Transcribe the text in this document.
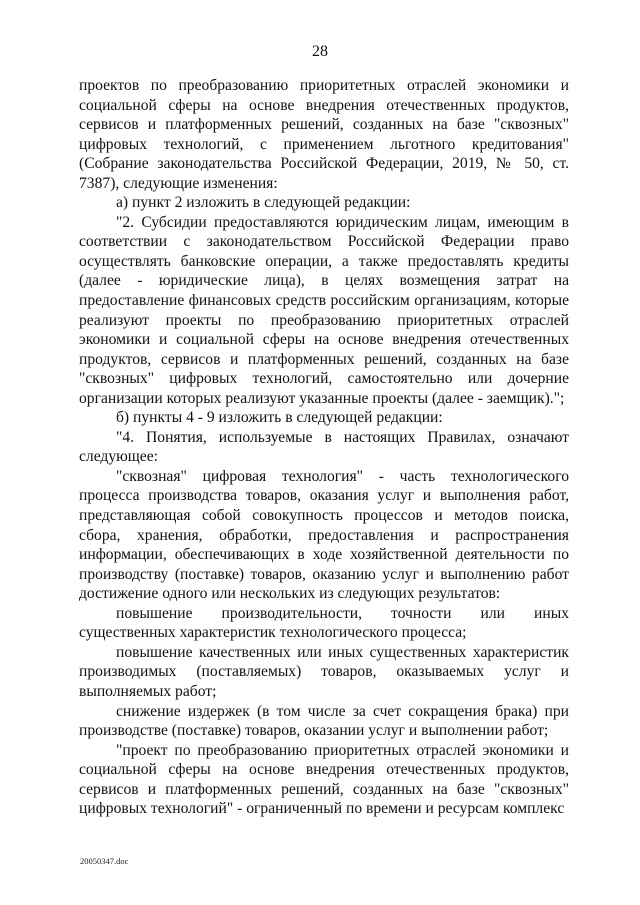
28

проектов по преобразованию приоритетных отраслей экономики и социальной сферы на основе внедрения отечественных продуктов, сервисов и платформенных решений, созданных на базе "сквозных" цифровых технологий, с применением льготного кредитования" (Собрание законодательства Российской Федерации, 2019, № 50, ст. 7387), следующие изменения:

а) пункт 2 изложить в следующей редакции:

"2. Субсидии предоставляются юридическим лицам, имеющим в соответствии с законодательством Российской Федерации право осуществлять банковские операции, а также предоставлять кредиты (далее - юридические лица), в целях возмещения затрат на предоставление финансовых средств российским организациям, которые реализуют проекты по преобразованию приоритетных отраслей экономики и социальной сферы на основе внедрения отечественных продуктов, сервисов и платформенных решений, созданных на базе "сквозных" цифровых технологий, самостоятельно или дочерние организации которых реализуют указанные проекты (далее - заемщик).";

б) пункты 4 - 9 изложить в следующей редакции:

"4. Понятия, используемые в настоящих Правилах, означают следующее:

"сквозная" цифровая технология" - часть технологического процесса производства товаров, оказания услуг и выполнения работ, представляющая собой совокупность процессов и методов поиска, сбора, хранения, обработки, предоставления и распространения информации, обеспечивающих в ходе хозяйственной деятельности по производству (поставке) товаров, оказанию услуг и выполнению работ достижение одного или нескольких из следующих результатов:

повышение производительности, точности или иных существенных характеристик технологического процесса;

повышение качественных или иных существенных характеристик производимых (поставляемых) товаров, оказываемых услуг и выполняемых работ;

снижение издержек (в том числе за счет сокращения брака) при производстве (поставке) товаров, оказании услуг и выполнении работ;

"проект по преобразованию приоритетных отраслей экономики и социальной сферы на основе внедрения отечественных продуктов, сервисов и платформенных решений, созданных на базе "сквозных" цифровых технологий" - ограниченный по времени и ресурсам комплекс

20050347.doc
